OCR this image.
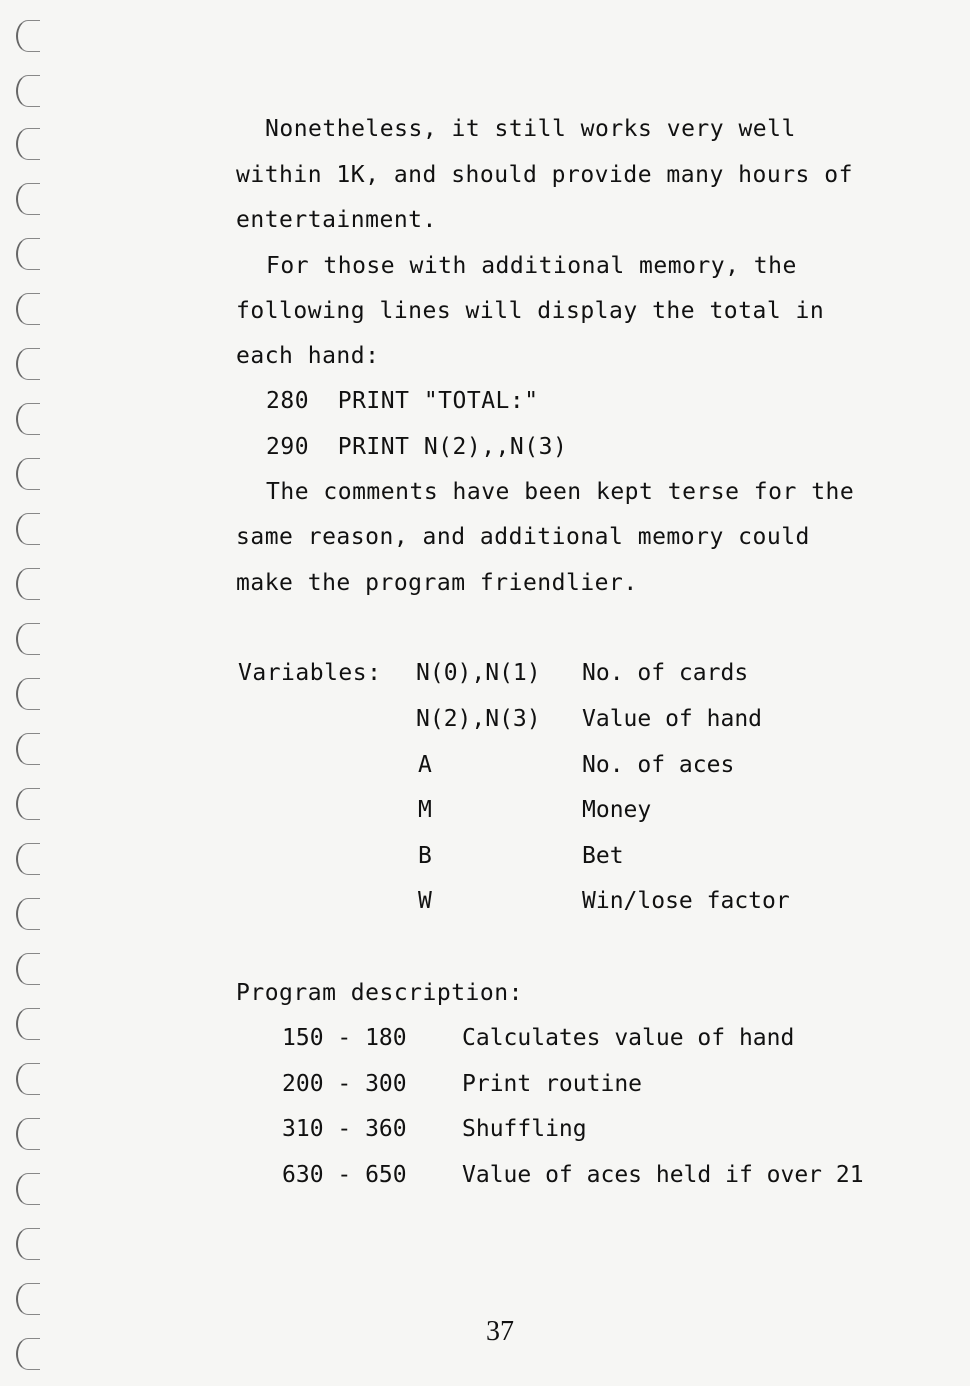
Nonetheless, it still works very well
within 1K, and should provide many hours of
entertainment.
For those with additional memory, the
following lines will display the total in
each hand:
280  PRINT "TOTAL:"
290  PRINT N(2),,N(3)
The comments have been kept terse for the
same reason, and additional memory could
make the program friendlier.
Variables: N(0),N(1) No. of cards
N(2),N(3) Value of hand
A	No. of aces
M	Money
B	Bet
W	Win/lose factor
Program description:
150 - 180 Calculates value of hand
200 - 300 Print routine
310 - 360 Shuffling
630 - 650 Value of aces held if over 21
37
